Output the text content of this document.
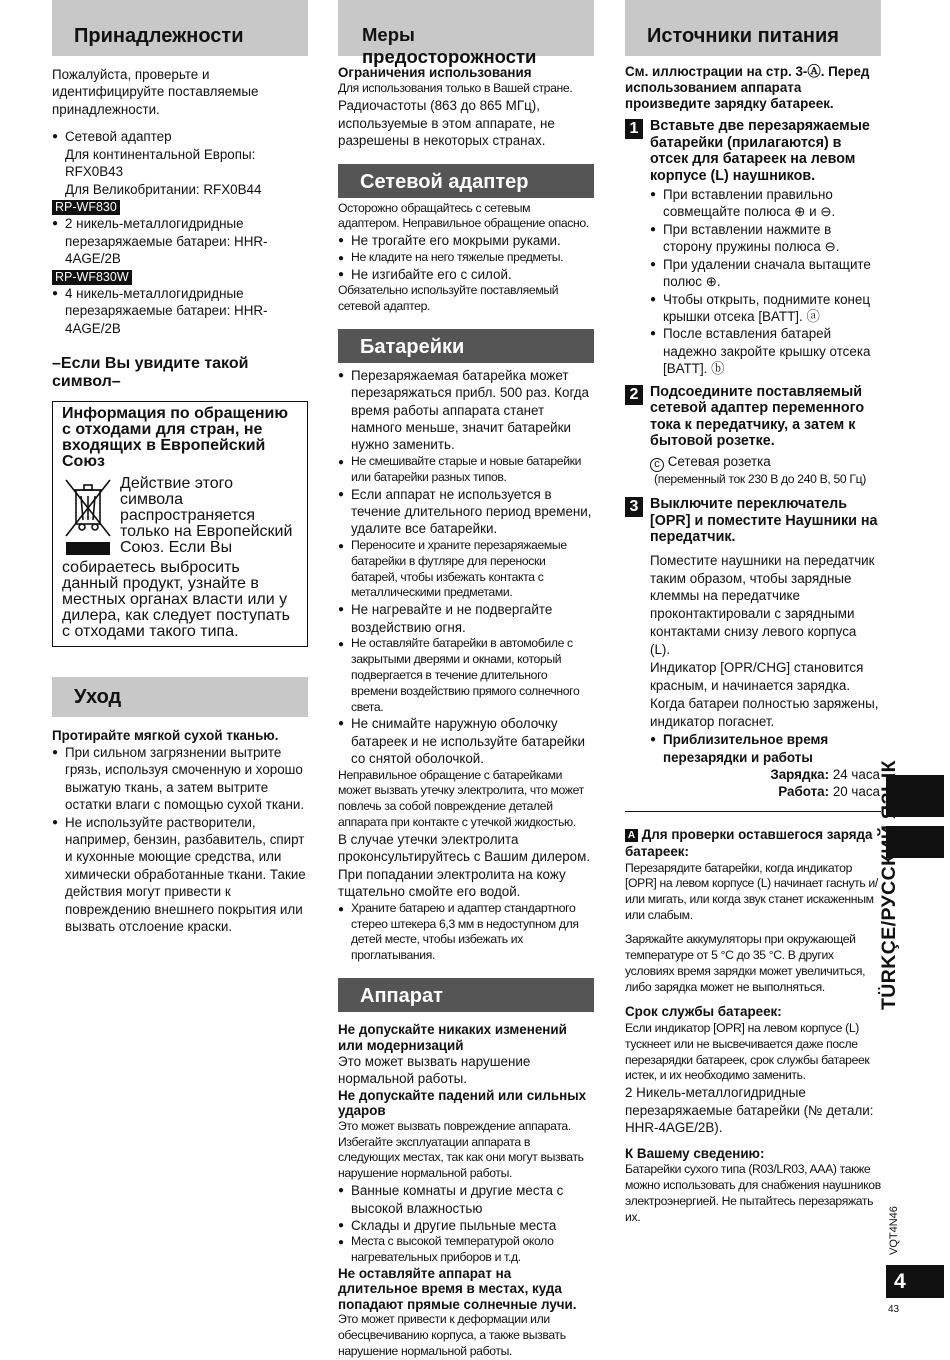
Принадлежности

Пожалуйста, проверьте и идентифицируйте поставляемые принадлежности.

● Сетевой адаптер
Для континентальной Европы:
RFX0B43
Для Великобритании: RFX0B44
RP-WF830
● 2 никель-металлогидридные перезаряжаемые батареи: HHR-4AGE/2B
RP-WF830W
● 4 никель-металлогидридные перезаряжаемые батареи: HHR-4AGE/2B

–Если Вы увидите такой символ–

Информация по обращению с отходами для стран, не входящих в Европейский Союз
Действие этого символа распространяется только на Европейский Союз. Если Вы
собираетесь выбросить данный продукт, узнайте в местных органах власти или у дилера, как следует поступать с отходами такого типа.
Уход

Протирайте мягкой сухой тканью.

● При сильном загрязнении вытрите грязь, используя смоченную и хорошо выжатую ткань, а затем вытрите остатки влаги с помощью сухой ткани.
● Не используйте растворители, например, бензин, разбавитель, спирт и кухонные моющие средства, или химически обработанные ткани. Такие действия могут привести к повреждению внешнего покрытия или вызвать отслоение краски.
Меры предосторожности

Ограничения использования

Для использования только в Вашей стране.

Радиочастоты (863 до 865 МГц), используемые в этом аппарате, не разрешены в некоторых странах.

Сетевой адаптер

Осторожно обращайтесь с сетевым адаптером. Неправильное обращение опасно.

● Не трогайте его мокрыми руками.
● Не кладите на него тяжелые предметы.
● Не изгибайте его с силой.

Обязательно используйте поставляемый сетевой адаптер.

Батарейки
● Перезаряжаемая батарейка может перезаряжаться прибл. 500 раз. Когда время работы аппарата станет намного меньше, значит батарейки нужно заменить.
● Не смешивайте старые и новые батарейки или батарейки разных типов.
● Если аппарат не используется в течение длительного период времени, удалите все батарейки.
● Переносите и храните перезаряжаемые батарейки в футляре для переноски батарей, чтобы избежать контакта с металлическими предметами.
● Не нагревайте и не подвергайте воздействию огня.
● Не оставляйте батарейки в автомобиле с закрытыми дверями и окнами, который подвергается в течение длительного времени воздействию прямого солнечного света.
● Не снимайте наружную оболочку батареек и не используйте батарейки со снятой оболочкой.

Неправильное обращение с батарейками может вызвать утечку электролита, что может повлечь за собой повреждение деталей аппарата при контакте с утечкой жидкостью.

В случае утечки электролита проконсультируйтесь с Вашим дилером. При попадании электролита на кожу тщательно смойте его водой.

● Храните батарею и адаптер стандартного стерео штекера 6,3 мм в недоступном для детей месте, чтобы избежать их проглатывания.
Аппарат

Не допускайте никаких изменений или модернизаций

Это может вызвать нарушение нормальной работы.

Не допускайте падений или сильных ударов

Это может вызвать повреждение аппарата. Избегайте эксплуатации аппарата в следующих местах, так как они могут вызвать нарушение нормальной работы.

● Ванные комнаты и другие места с высокой влажностью
● Склады и другие пыльные места
● Места с высокой температурой около нагревательных приборов и т.д.

Не оставляйте аппарат на длительное время в местах, куда попадают прямые солнечные лучи.

Это может привести к деформации или обесцвечиванию корпуса, а также вызвать нарушение нормальной работы.

Источники питания

См. иллюстрации на стр. 3-Ⓐ. Перед использованием аппарата произведите зарядку батареек.

1 Вставьте две перезаряжаемые батарейки (прилагаются) в отсек для батареек на левом корпусе (L) наушников.
● При вставлении правильно совмещайте полюса ⊕ и ⊖.
● При вставлении нажмите в сторону пружины полюса ⊖.
● При удалении сначала вытащите полюс ⊕.
● Чтобы открыть, поднимите конец крышки отсека [BATT]. ⓐ
● После вставления батарей надежно закройте крышку отсека [BATT]. ⓑ
2 Подсоедините поставляемый сетевой адаптер переменного тока к передатчику, а затем к бытовой розетке.

c Сетевая розетка

(переменный ток 230 В до 240 В, 50 Гц)

3 Выключите переключатель [OPR] и поместите Наушники на передатчик.

Поместите наушники на передатчик таким образом, чтобы зарядные клеммы на передатчике проконтактировали с зарядными контактами снизу левого корпуса (L).

Индикатор [OPR/CHG] становится красным, и начинается зарядка.

Когда батареи полностью заряжены, индикатор погаснет.

● Приблизительное время перезарядки и работы

Зарядка: 24 часа

Работа: 20 часа

A Для проверки оставшегося заряда батареек:

Перезарядите батарейки, когда индикатор [OPR] на левом корпусе (L) начинает гаснуть и/или мигать, или когда звук станет искаженным или слабым.

Заряжайте аккумуляторы при окружающей температуре от 5 °С до 35 °С. В других условиях время зарядки может увеличиться, либо зарядка может не выполняться.

Срок службы батареек:

Если индикатор [OPR] на левом корпусе (L) тускнеет или не высвечивается даже после перезарядки батареек, срок службы батареек истек, и их необходимо заменить.

2 Никель-металлогидридные перезаряжаемые батарейки (№ детали: HHR-4AGE/2B).

К Вашему сведению:

Батарейки сухого типа (R03/LR03, AAA) также можно использовать для снабжения наушников электроэнергией. Не пытайтесь перезаряжать их.

TÜRKÇE/РУССКИЙ ЯЗЫК
VQT4N46
4
43
